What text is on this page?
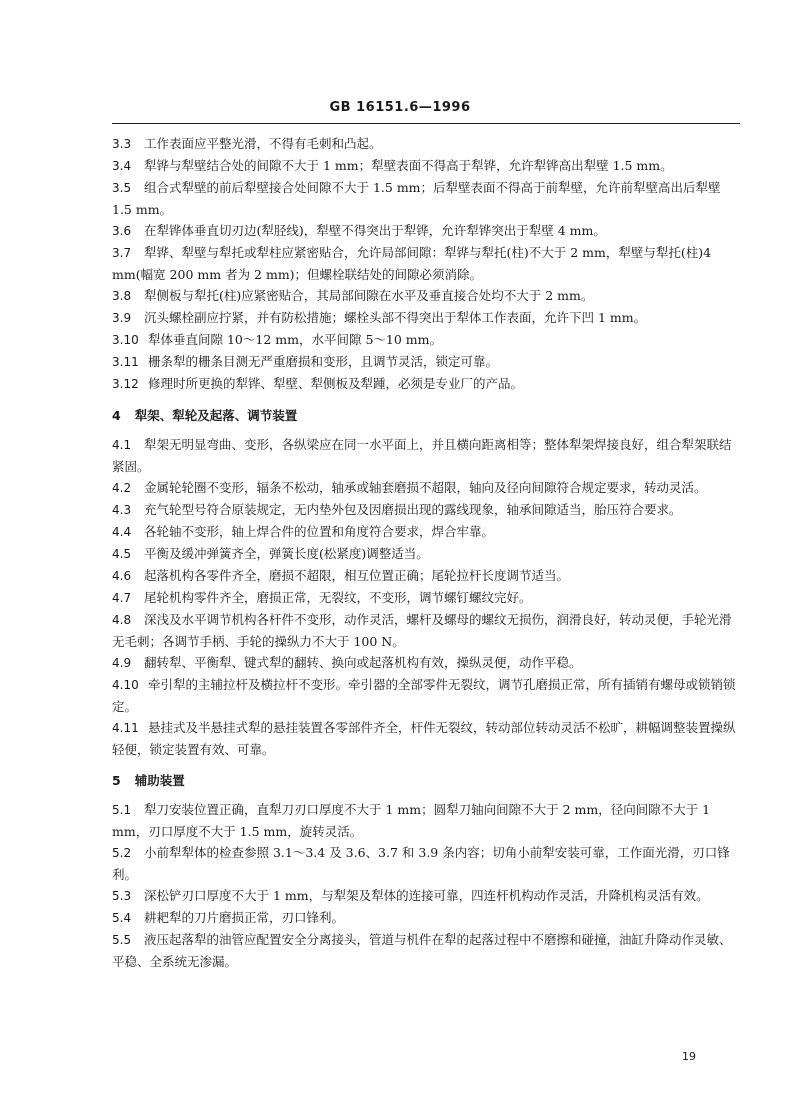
GB 16151.6—1996

3.3 工作表面应平整光滑，不得有毛刺和凸起。

3.4 犁铧与犁壁结合处的间隙不大于 1 mm；犁壁表面不得高于犁铧，允许犁铧高出犁壁 1.5 mm。

3.5 组合式犁壁的前后犁壁接合处间隙不大于 1.5 mm；后犁壁表面不得高于前犁壁，允许前犁壁高出后犁壁 1.5 mm。

3.6 在犁铧体垂直切刃边(犁胫线)，犁壁不得突出于犁铧，允许犁铧突出于犁壁 4 mm。

3.7 犁铧、犁壁与犁托或犁柱应紧密贴合，允许局部间隙：犁铧与犁托(柱)不大于 2 mm，犁壁与犁托(柱)4 mm(幅宽 200 mm 者为 2 mm)；但螺栓联结处的间隙必须消除。

3.8 犁侧板与犁托(柱)应紧密贴合，其局部间隙在水平及垂直接合处均不大于 2 mm。

3.9 沉头螺栓副应拧紧，并有防松措施；螺栓头部不得突出于犁体工作表面，允许下凹 1 mm。

3.10 犁体垂直间隙 10～12 mm，水平间隙 5～10 mm。

3.11 栅条犁的栅条目测无严重磨损和变形，且调节灵活，锁定可靠。

3.12 修理时所更换的犁铧、犁壁、犁侧板及犁踵，必须是专业厂的产品。

4 犁架、犁轮及起落、调节装置

4.1 犁架无明显弯曲、变形，各纵梁应在同一水平面上，并且横向距离相等；整体犁架焊接良好，组合犁架联结紧固。

4.2 金属轮轮圈不变形，辐条不松动，轴承或轴套磨损不超限，轴向及径向间隙符合规定要求，转动灵活。

4.3 充气轮型号符合原装规定，无内垫外包及因磨损出现的露线现象，轴承间隙适当，胎压符合要求。

4.4 各轮轴不变形，轴上焊合件的位置和角度符合要求，焊合牢靠。

4.5 平衡及缓冲弹簧齐全，弹簧长度(松紧度)调整适当。

4.6 起落机构各零件齐全，磨损不超限，相互位置正确；尾轮拉杆长度调节适当。

4.7 尾轮机构零件齐全，磨损正常，无裂纹，不变形，调节螺钉螺纹完好。

4.8 深浅及水平调节机构各杆件不变形，动作灵活，螺杆及螺母的螺纹无损伤，润滑良好，转动灵便，手轮光滑无毛刺；各调节手柄、手轮的操纵力不大于 100 N。

4.9 翻转犁、平衡犁、键式犁的翻转、换向或起落机构有效，操纵灵便，动作平稳。

4.10 牵引犁的主辅拉杆及横拉杆不变形。牵引器的全部零件无裂纹，调节孔磨损正常，所有插销有螺母或锁销锁定。

4.11 悬挂式及半悬挂式犁的悬挂装置各零部件齐全，杆件无裂纹，转动部位转动灵活不松旷，耕幅调整装置操纵轻便，锁定装置有效、可靠。

5 辅助装置

5.1 犁刀安装位置正确，直犁刀刃口厚度不大于 1 mm；圆犁刀轴向间隙不大于 2 mm，径向间隙不大于 1 mm，刃口厚度不大于 1.5 mm，旋转灵活。

5.2 小前犁犁体的检查参照 3.1～3.4 及 3.6、3.7 和 3.9 条内容；切角小前犁安装可靠，工作面光滑，刃口锋利。

5.3 深松铲刃口厚度不大于 1 mm，与犁架及犁体的连接可靠，四连杆机构动作灵活，升降机构灵活有效。

5.4 耕耙犁的刀片磨损正常，刃口锋利。

5.5 液压起落犁的油管应配置安全分离接头，管道与机件在犁的起落过程中不磨擦和碰撞，油缸升降动作灵敏、平稳、全系统无渗漏。

19
